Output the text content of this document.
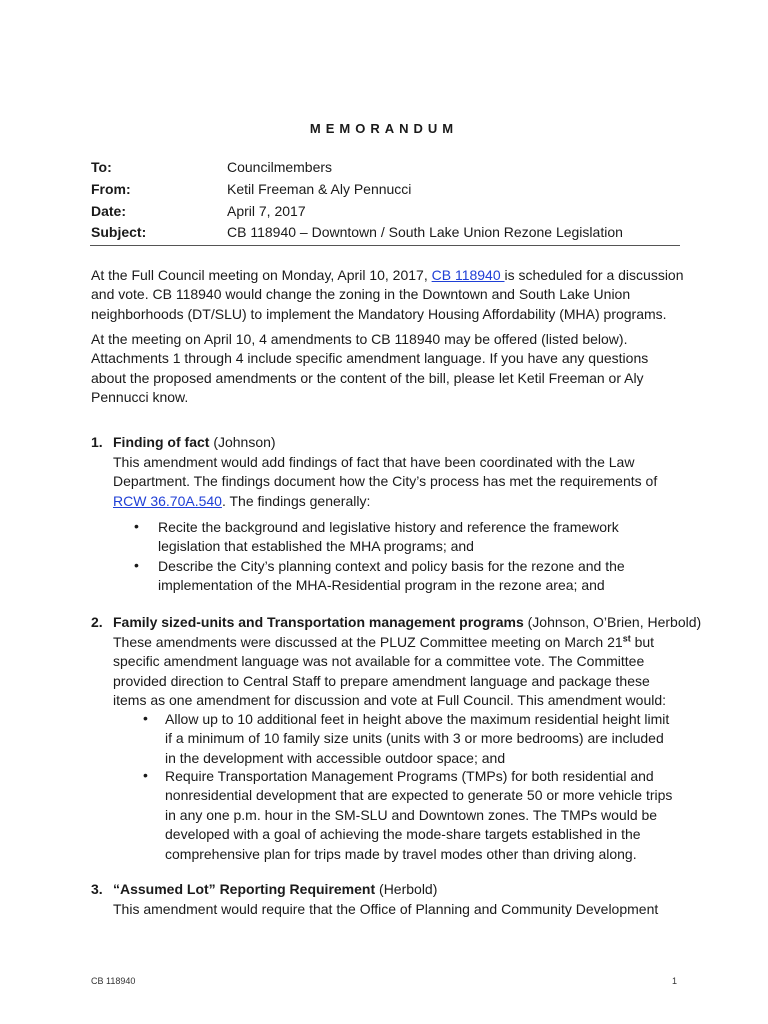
MEMORANDUM
To:	Councilmembers
From:	Ketil Freeman & Aly Pennucci
Date:	April 7, 2017
Subject:	CB 118940 – Downtown / South Lake Union Rezone Legislation
At the Full Council meeting on Monday, April 10, 2017, CB 118940 is scheduled for a discussion
and vote. CB 118940 would change the zoning in the Downtown and South Lake Union
neighborhoods (DT/SLU) to implement the Mandatory Housing Affordability (MHA) programs.
At the meeting on April 10, 4 amendments to CB 118940 may be offered (listed below).
Attachments 1 through 4 include specific amendment language. If you have any questions
about the proposed amendments or the content of the bill, please let Ketil Freeman or Aly
Pennucci know.
1. Finding of fact (Johnson)
This amendment would add findings of fact that have been coordinated with the Law
Department. The findings document how the City’s process has met the requirements of
RCW 36.70A.540. The findings generally:
• Recite the background and legislative history and reference the framework
legislation that established the MHA programs; and
• Describe the City’s planning context and policy basis for the rezone and the
implementation of the MHA-Residential program in the rezone area; and
2. Family sized-units and Transportation management programs (Johnson, O’Brien, Herbold)
These amendments were discussed at the PLUZ Committee meeting on March 21st but
specific amendment language was not available for a committee vote. The Committee
provided direction to Central Staff to prepare amendment language and package these
items as one amendment for discussion and vote at Full Council. This amendment would:
• Allow up to 10 additional feet in height above the maximum residential height limit
if a minimum of 10 family size units (units with 3 or more bedrooms) are included
in the development with accessible outdoor space; and
• Require Transportation Management Programs (TMPs) for both residential and
nonresidential development that are expected to generate 50 or more vehicle trips
in any one p.m. hour in the SM-SLU and Downtown zones. The TMPs would be
developed with a goal of achieving the mode-share targets established in the
comprehensive plan for trips made by travel modes other than driving along.
3. “Assumed Lot” Reporting Requirement (Herbold)
This amendment would require that the Office of Planning and Community Development
CB 118940	1
